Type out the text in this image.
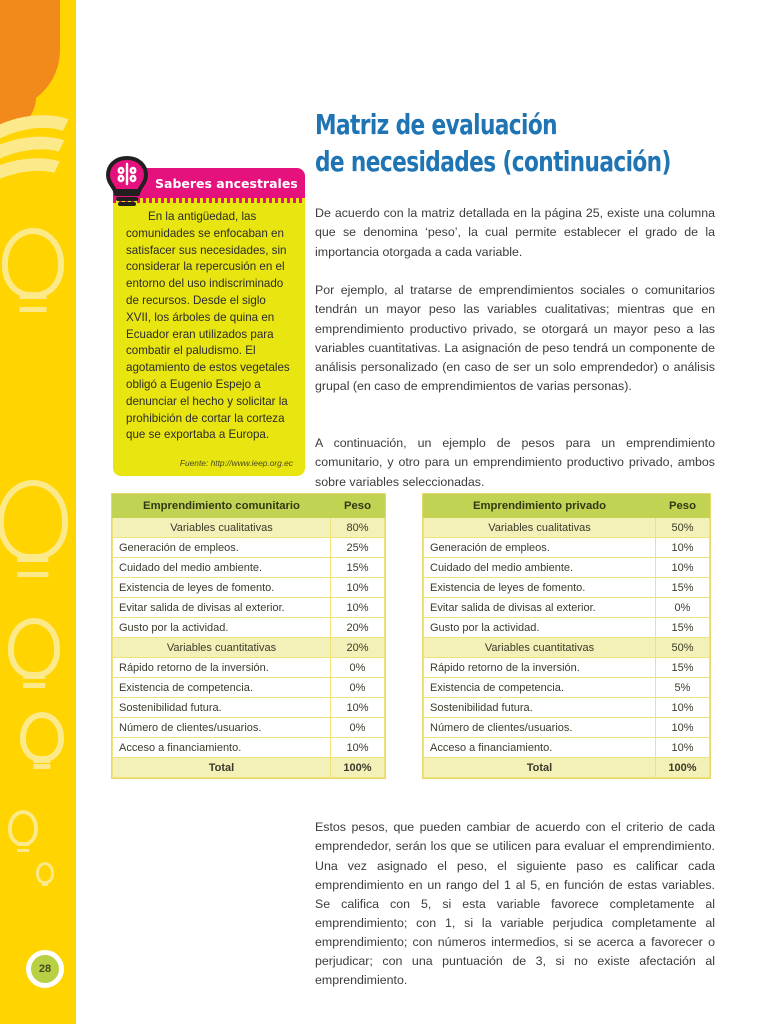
28
Matriz de evaluación
de necesidades (continuación)
Saberes ancestrales
En la antigüedad, las comunidades se enfocaban en satisfacer sus necesidades, sin considerar la repercusión en el entorno del uso indiscriminado de recursos. Desde el siglo XVII, los árboles de quina en Ecuador eran utilizados para combatir el paludismo. El agotamiento de estos vegetales obligó a Eugenio Espejo a denunciar el hecho y solicitar la prohibición de cortar la corteza que se exportaba a Europa.
Fuente: http://www.ieep.org.ec

De acuerdo con la matriz detallada en la página 25, existe una columna que se denomina ‘peso’, la cual permite establecer el grado de la importancia otorgada a cada variable.

Por ejemplo, al tratarse de emprendimientos sociales o comunitarios tendrán un mayor peso las variables cualitativas; mientras que en emprendimiento productivo privado, se otorgará un mayor peso a las variables cuantitativas. La asignación de peso tendrá un componente de análisis personalizado (en caso de ser un solo emprendedor) o análisis grupal (en caso de emprendimientos de varias personas).

A continuación, un ejemplo de pesos para un emprendimiento comunitario, y otro para un emprendimiento productivo privado, ambos sobre variables seleccionadas.

Estos pesos, que pueden cambiar de acuerdo con el criterio de cada emprendedor, serán los que se utilicen para evaluar el emprendimiento. Una vez asignado el peso, el siguiente paso es calificar cada emprendimiento en un rango del 1 al 5, en función de estas variables. Se califica con 5, si esta variable favorece completamente al emprendimiento; con 1, si la variable perjudica completamente al emprendimiento; con números intermedios, si se acerca a favorecer o perjudicar; con una puntuación de 3, si no existe afectación al emprendimiento.

Emprendimiento comunitario	Peso
Variables cualitativas	80%
Generación de empleos.	25%
Cuidado del medio ambiente.	15%
Existencia de leyes de fomento.	10%
Evitar salida de divisas al exterior.	10%
Gusto por la actividad.	20%
Variables cuantitativas	20%
Rápido retorno de la inversión.	0%
Existencia de competencia.	0%
Sostenibilidad futura.	10%
Número de clientes/usuarios.	0%
Acceso a financiamiento.	10%
Total	100%
Emprendimiento privado	Peso
Variables cualitativas	50%
Generación de empleos.	10%
Cuidado del medio ambiente.	10%
Existencia de leyes de fomento.	15%
Evitar salida de divisas al exterior.	0%
Gusto por la actividad.	15%
Variables cuantitativas	50%
Rápido retorno de la inversión.	15%
Existencia de competencia.	5%
Sostenibilidad futura.	10%
Número de clientes/usuarios.	10%
Acceso a financiamiento.	10%
Total	100%
